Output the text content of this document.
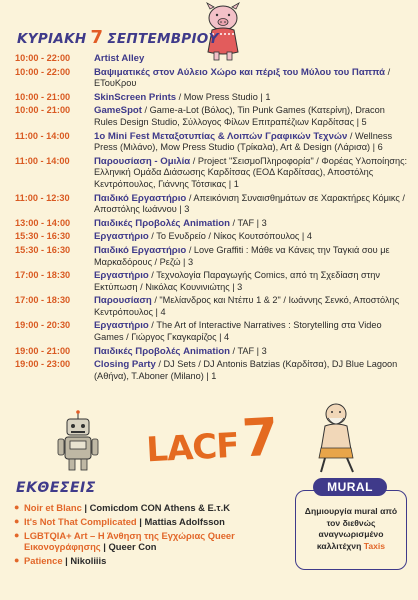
ΚΥΡΙΑΚΗ 7 ΣΕΠΤΕΜΒΡΙΟΥ
10:00 - 22:00	Artist Alley
10:00 - 22:00	Βαψιματικές στον Αύλειο Χώρο και πέριξ του Μύλου του Παππά / ΕΤουΚρου
10:00 - 21:00	SkinScreen Prints / Mow Press Studio | 1
10:00 - 21:00	GameSpot / Game-a-Lot (Βόλος), Tin Punk Games (Κατερίνη), Dracon Rules Design Studio, Σύλλογος Φίλων Επιτραπέζιων Καρδίτσας | 5
11:00 - 14:00	1ο Mini Fest Μεταξοτυπίας & Λοιπών Γραφικών Τεχνών / Wellness Press (Μιλάνο), Mow Press Studio (Τρίκαλα), Art & Design (Λάρισα) | 6
11:00 - 14:00	Παρουσίαση - Ομιλία / Project "ΣεισμοΠληροφορία" / Φορέας Υλοποίησης: Ελληνική Ομάδα Διάσωσης Καρδίτσας (ΕΟΔ Καρδίτσας), Αποστόλης Κεντρόπουλος, Γιάννης Τότσικας | 1
11:00 - 12:30	Παιδικό Εργαστήριο / Απεικόνιση Συναισθημάτων σε Χαρακτήρες Κόμικς / Αποστόλης Ιωάννου | 3
13:00 - 14:00	Παιδικές Προβολές Animation / TAF | 3
15:30 - 16:30	Εργαστήριο / Το Ενυδρείο / Νίκος Κουτσόπουλος | 4
15:30 - 16:30	Παιδικό Εργαστήριο / Love Graffiti : Μάθε να Κάνεις την Ταγκιά σου με Μαρκαδόρους / Ρεζώ | 3
17:00 - 18:30	Εργαστήριο / Τεχνολογία Παραγωγής Comics, από τη Σχεδίαση στην Εκτύπωση / Νικόλας Κουνινιώτης | 3
17:00 - 18:30	Παρουσίαση / "Μελίανδρος και Ντέπυ 1 & 2" / Ιωάννης Σενκό, Αποστόλης Κεντρόπουλος | 4
19:00 - 20:30	Εργαστήριο / The Art of Interactive Narratives : Storytelling στα Video Games / Γιώργος Γκαγκαρίζος | 4
19:00 - 21:00	Παιδικές Προβολές Animation / TAF | 3
19:00 - 23:00	Closing Party / DJ Sets / DJ Antonis Batzias (Καρδίτσα), DJ Blue Lagoon (Αθήνα), T.Aboner (Milano) | 1
LACF 7
ΕΚΘΕΣΕΙΣ
● Noir et Blanc | Comicdom CON Athens & Ε.τ.Κ
● It's Not That Complicated | Mattias Adolfsson
● LGBTQIA+ Art – Η Άνθηση της Εγχώριας Queer Εικονογράφησης | Queer Con
● Patience | Nikoliiis
MURAL
Δημιουργία mural από τον διεθνώς αναγνωρισμένο καλλιτέχνη Taxis
